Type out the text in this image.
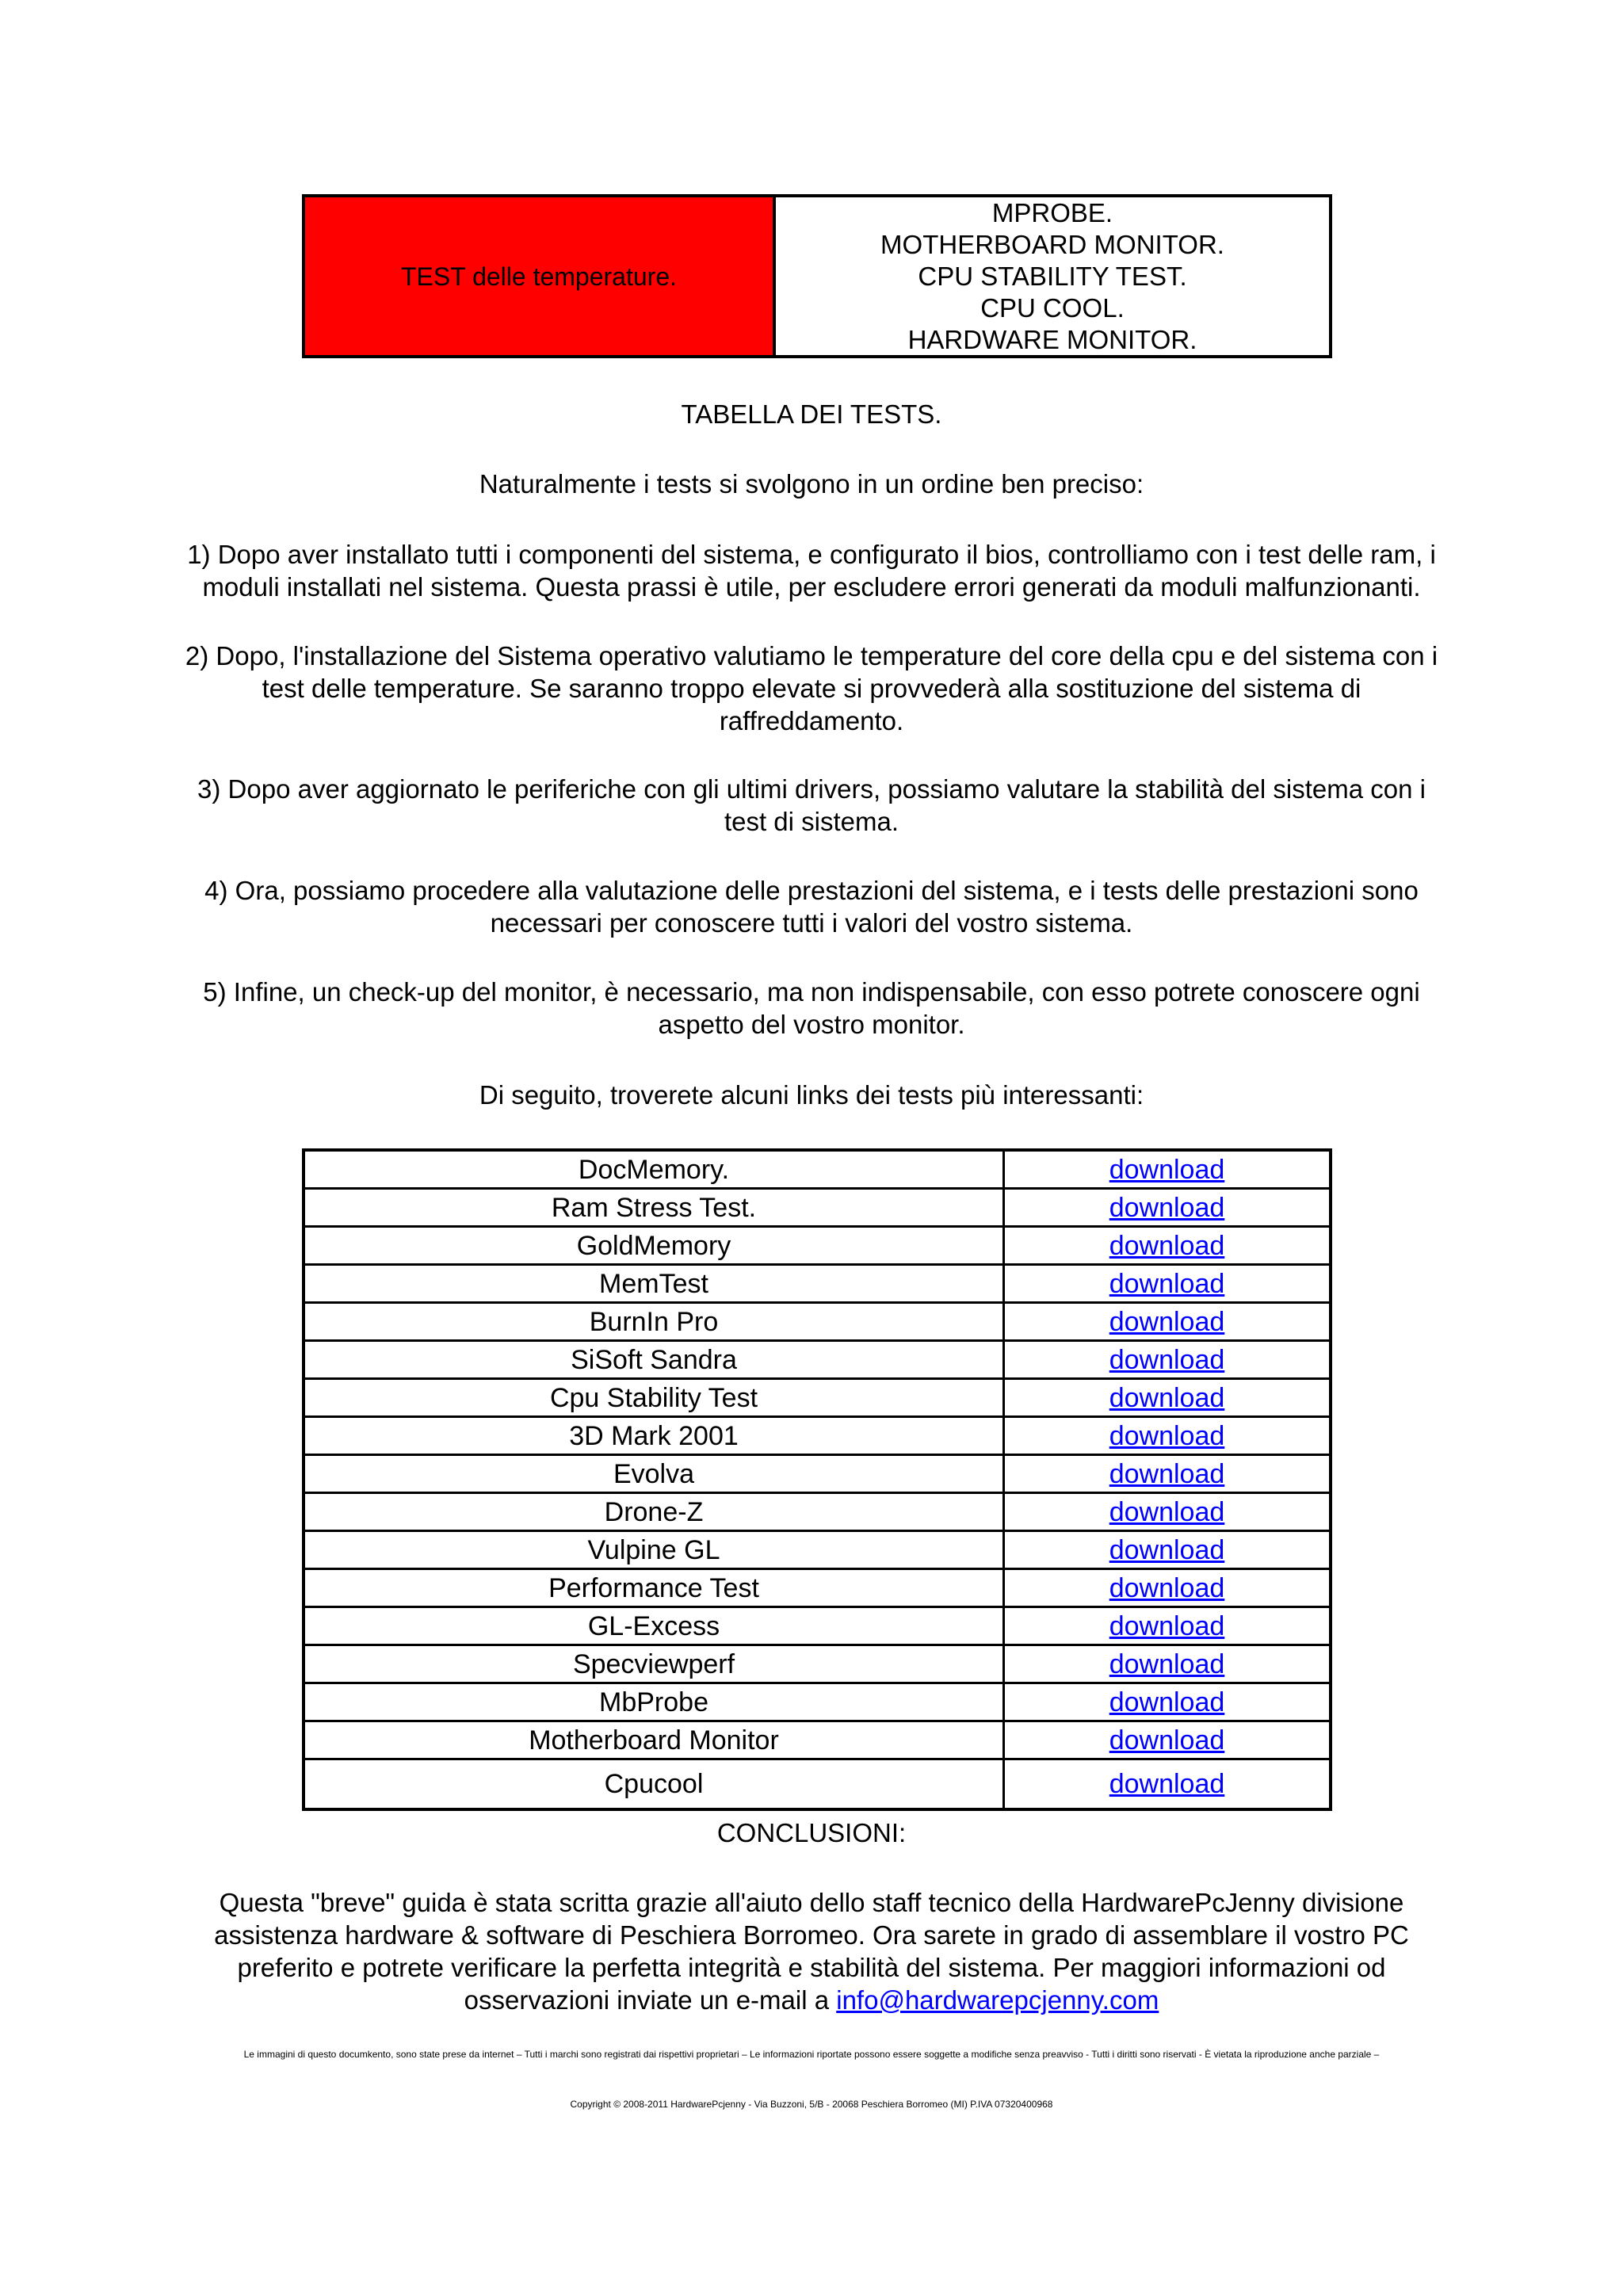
TEST delle temperature.
MPROBE.
MOTHERBOARD MONITOR.
CPU STABILITY TEST.
CPU COOL.
HARDWARE MONITOR.

TABELLA DEI TESTS.

Naturalmente i tests si svolgono in un ordine ben preciso:

1) Dopo aver installato tutti i componenti del sistema, e configurato il bios, controlliamo con i test delle ram, i

moduli installati nel sistema. Questa prassi è utile, per escludere errori generati da moduli malfunzionanti.

2) Dopo, l'installazione del Sistema operativo valutiamo le temperature del core della cpu e del sistema con i

test delle temperature. Se saranno troppo elevate si provvederà alla sostituzione del sistema di

raffreddamento.

3) Dopo aver aggiornato le periferiche con gli ultimi drivers, possiamo valutare la stabilità del sistema con i

test di sistema.

4) Ora, possiamo procedere alla valutazione delle prestazioni del sistema, e i tests delle prestazioni sono

necessari per conoscere tutti i valori del vostro sistema.

5) Infine, un check-up del monitor, è necessario, ma non indispensabile, con esso potrete conoscere ogni

aspetto del vostro monitor.

Di seguito, troverete alcuni links dei tests più interessanti:

DocMemory.	download
Ram Stress Test.	download
GoldMemory	download
MemTest	download
BurnIn Pro	download
SiSoft Sandra	download
Cpu Stability Test	download
3D Mark 2001	download
Evolva	download
Drone-Z	download
Vulpine GL	download
Performance Test	download
GL-Excess	download
Specviewperf	download
MbProbe	download
Motherboard Monitor	download
Cpucool	download

CONCLUSIONI:

Questa "breve" guida è stata scritta grazie all'aiuto dello staff tecnico della HardwarePcJenny divisione

assistenza hardware & software di Peschiera Borromeo. Ora sarete in grado di assemblare il vostro PC

preferito e potrete verificare la perfetta integrità e stabilità del sistema. Per maggiori informazioni od

osservazioni inviate un e-mail a info@hardwarepcjenny.com

Le immagini di questo documkento, sono state prese da internet – Tutti i marchi sono registrati dai rispettivi proprietari – Le informazioni riportate possono essere soggette a modifiche senza preavviso - Tutti i diritti sono riservati - È vietata la riproduzione anche parziale –
Copyright © 2008-2011 HardwarePcjenny - Via Buzzoni, 5/B - 20068 Peschiera Borromeo (MI) P.IVA 07320400968
